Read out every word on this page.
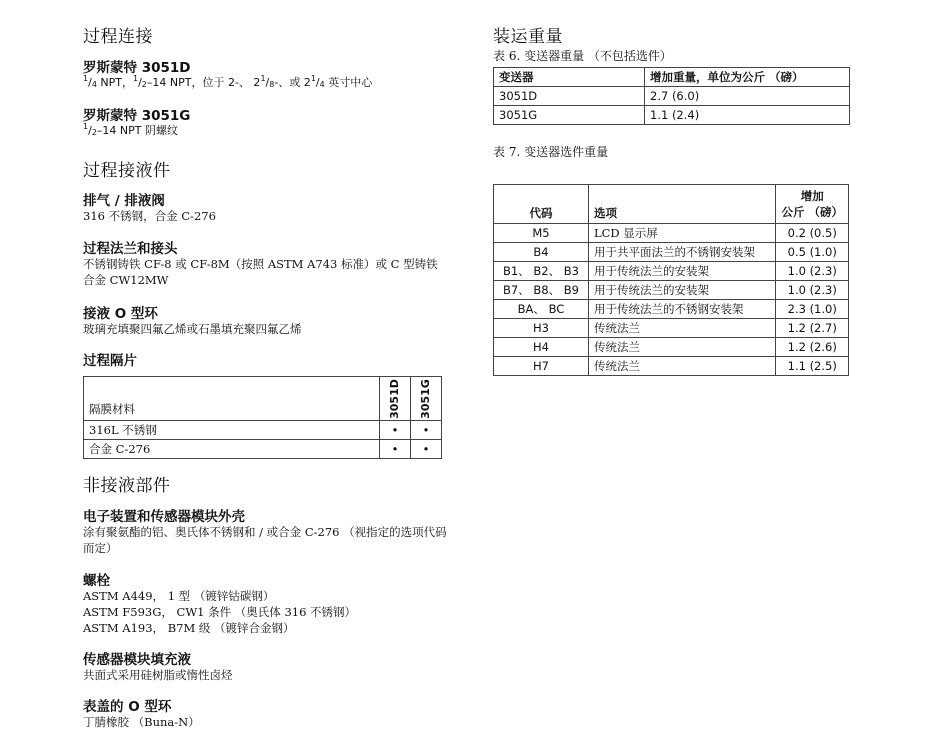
过程连接
罗斯蒙特 3051D
$^1/_4$ NPT，$^1/_2-14$ NPT，位于 2-、 $2^1/_8-$、或 $2^1/_4$ 英寸中心
罗斯蒙特 3051G
$^1/_2-14$ NPT 阴螺纹
过程接液件
排气 / 排液阀
316 不锈钢，合金 C-276
过程法兰和接头
不锈钢铸铁 CF-8 或 CF-8M（按照 ASTM A743 标准）或 C 型铸铁合金 CW12MW
接液 O 型环
玻璃充填聚四氟乙烯或石墨填充聚四氟乙烯
过程隔片
隔膜材料	3051D	3051G

316L 不锈钢	•	•
合金 C-276	•	•
非接液部件
电子装置和传感器模块外壳
涂有聚氨酯的铝、奥氏体不锈钢和 / 或合金 C-276 （视指定的选项代码而定）
螺栓
ASTM A449， 1 型 （镀锌钴碳钢）
ASTM F593G， CW1 条件 （奥氏体 316 不锈钢）
ASTM A193， B7M 级 （镀锌合金钢）
传感器模块填充液
共面式采用硅树脂或惰性卤烃
表盖的 O 型环
丁腈橡胶 （Buna-N）
装运重量
表 6. 变送器重量 （不包括选件）
变送器	增加重量，单位为公斤 （磅）
3051D	2.7 (6.0)
3051G	1.1 (2.4)
表 7. 变送器选件重量
代码	选项	增加
公斤 （磅）

M5	LCD 显示屏	0.2 (0.5)
B4	用于共平面法兰的不锈钢安装架	0.5 (1.0)
B1、 B2、 B3	用于传统法兰的安装架	1.0 (2.3)
B7、 B8、 B9	用于传统法兰的安装架	1.0 (2.3)
BA、 BC	用于传统法兰的不锈钢安装架	2.3 (1.0)
H3	传统法兰	1.2 (2.7)
H4	传统法兰	1.2 (2.6)
H7	传统法兰	1.1 (2.5)
